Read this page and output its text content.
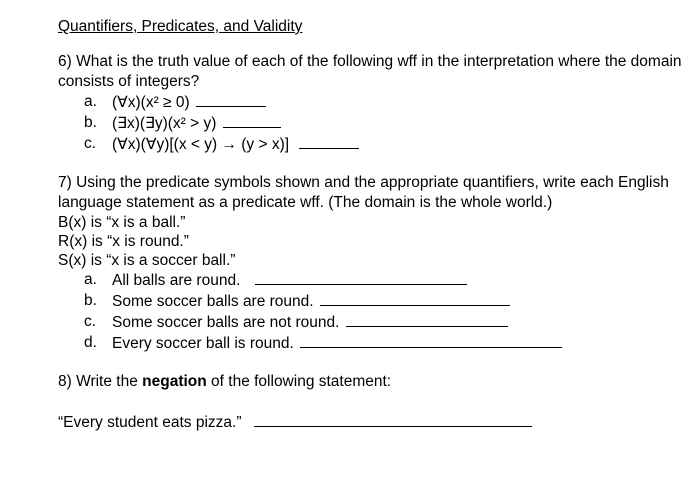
Quantifiers, Predicates, and Validity

6) What is the truth value of each of the following wff in the interpretation where the domain consists of integers?

a. (∀x)(x² ≥ 0)
b. (∃x)(∃y)(x² > y)
c. (∀x)(∀y)[(x < y) → (y > x)]

7) Using the predicate symbols shown and the appropriate quantifiers, write each English language statement as a predicate wff. (The domain is the whole world.)

B(x) is “x is a ball.”

R(x) is “x is round.”

S(x) is “x is a soccer ball.”

a. All balls are round.
b. Some soccer balls are round.
c. Some soccer balls are not round.
d. Every soccer ball is round.

8) Write the negation of the following statement:

“Every student eats pizza.”
